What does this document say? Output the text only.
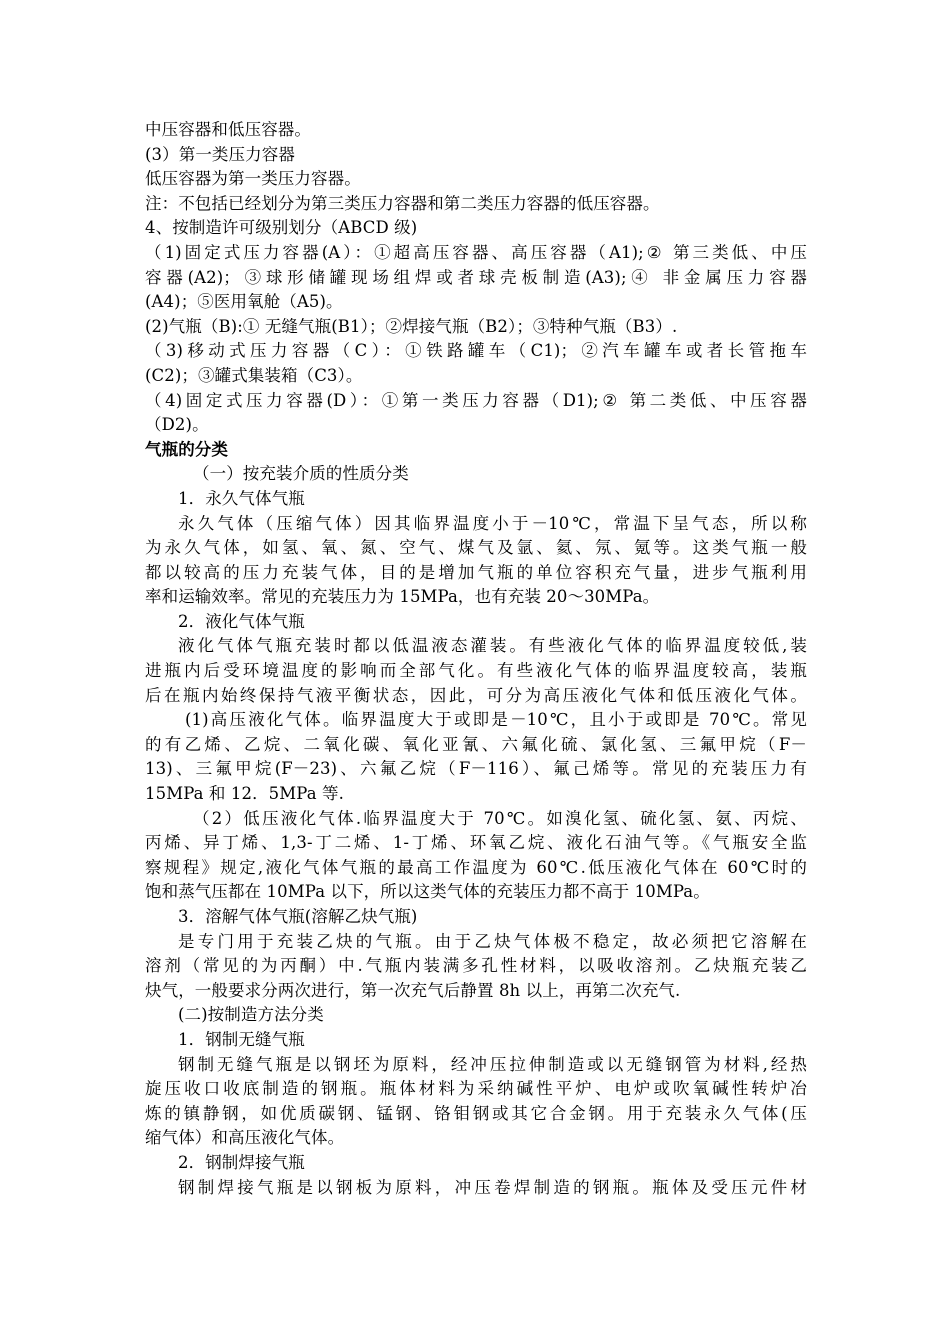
中压容器和低压容器。
(3）第一类压力容器
低压容器为第一类压力容器。
注：不包括已经划分为第三类压力容器和第二类压力容器的低压容器。
4、按制造许可级别划分（ABCD 级)
（1)固定式压力容器(A）：①超高压容器、高压容器（A1);② 第三类低、中压
容器(A2)；③球形储罐现场组焊或者球壳板制造(A3);④ 非金属压力容器
(A4)；⑤医用氧舱（A5)。
(2)气瓶（B):① 无缝气瓶(B1）；②焊接气瓶（B2）；③特种气瓶（B3）.
（3)移动式压力容器（C）：①铁路罐车（C1)；②汽车罐车或者长管拖车
(C2)；③罐式集装箱（C3）。
（4)固定式压力容器(D）：①第一类压力容器（D1);② 第二类低、中压容器
（D2)。
气瓶的分类
（一）按充装介质的性质分类
1．永久气体气瓶
永久气体（压缩气体）因其临界温度小于－10℃，常温下呈气态，所以称
为永久气体，如氢、氧、氮、空气、煤气及氩、氦、氖、氪等。这类气瓶一般
都以较高的压力充装气体，目的是增加气瓶的单位容积充气量，进步气瓶利用
率和运输效率。常见的充装压力为 15MPa，也有充装 20～30MPa。
2．液化气体气瓶
液化气体气瓶充装时都以低温液态灌装。有些液化气体的临界温度较低,装
进瓶内后受环境温度的影响而全部气化。有些液化气体的临界温度较高，装瓶
后在瓶内始终保持气液平衡状态，因此，可分为高压液化气体和低压液化气体。
(1)高压液化气体。临界温度大于或即是－10℃，且小于或即是 70℃。常见
的有乙烯、乙烷、二氧化碳、氧化亚氰、六氟化硫、氯化氢、三氟甲烷（F－
13)、三氟甲烷(F－23)、六氟乙烷（F－116）、氟己烯等。常见的充装压力有
15MPa 和 12．5MPa 等.
（2）低压液化气体.临界温度大于 70℃。如溴化氢、硫化氢、氨、丙烷、
丙烯、异丁烯、1,3-丁二烯、1-丁烯、环氧乙烷、液化石油气等。《气瓶安全监
察规程》规定,液化气体气瓶的最高工作温度为 60℃.低压液化气体在 60℃时的
饱和蒸气压都在 10MPa 以下，所以这类气体的充装压力都不高于 10MPa。
3．溶解气体气瓶(溶解乙炔气瓶)
是专门用于充装乙炔的气瓶。由于乙炔气体极不稳定，故必须把它溶解在
溶剂（常见的为丙酮）中.气瓶内装满多孔性材料，以吸收溶剂。乙炔瓶充装乙
炔气，一般要求分两次进行，第一次充气后静置 8h 以上，再第二次充气.
(二)按制造方法分类
1．钢制无缝气瓶
钢制无缝气瓶是以钢坯为原料，经冲压拉伸制造或以无缝钢管为材料,经热
旋压收口收底制造的钢瓶。瓶体材料为采纳碱性平炉、电炉或吹氧碱性转炉冶
炼的镇静钢，如优质碳钢、锰钢、铬钼钢或其它合金钢。用于充装永久气体(压
缩气体）和高压液化气体。
2．钢制焊接气瓶
钢制焊接气瓶是以钢板为原料，冲压卷焊制造的钢瓶。瓶体及受压元件材
